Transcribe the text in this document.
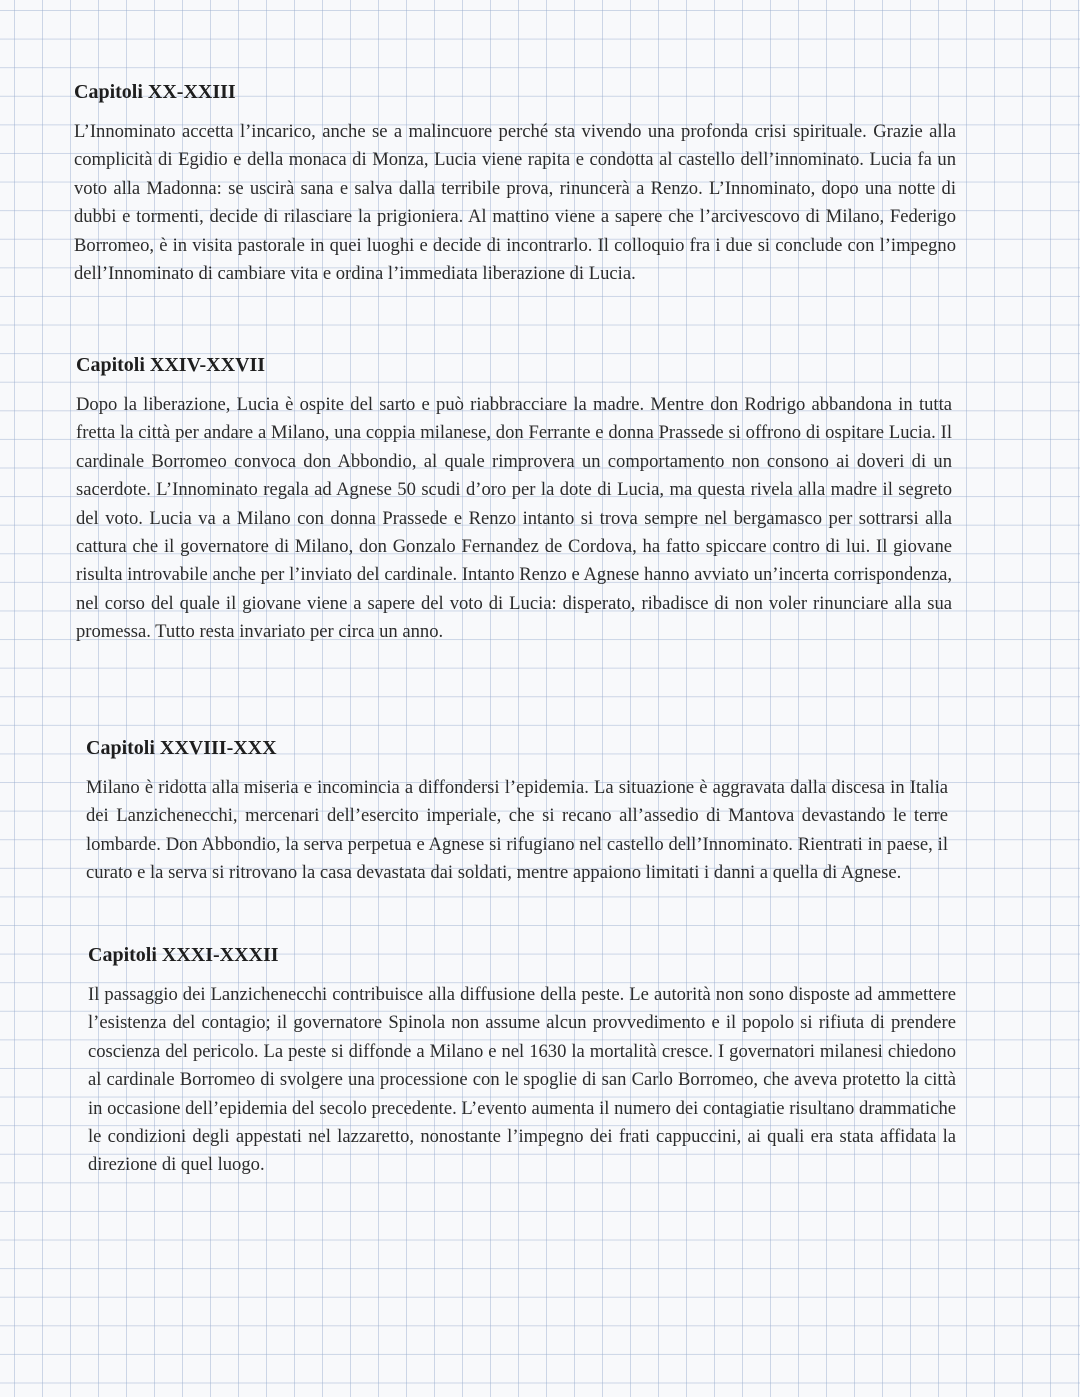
Capitoli XX-XXIII

L’Innominato accetta l’incarico, anche se a malincuore perché sta vivendo una profonda crisi spirituale. Grazie alla complicità di Egidio e della monaca di Monza, Lucia viene rapita e condotta al castello dell’innominato. Lucia fa un voto alla Madonna: se uscirà sana e salva dalla terribile prova, rinuncerà a Renzo. L’Innominato, dopo una notte di dubbi e tormenti, decide di rilasciare la prigioniera. Al mattino viene a sapere che l’arcivescovo di Milano, Federigo Borromeo, è in visita pastorale in quei luoghi e decide di incontrarlo. Il colloquio fra i due si conclude con l’impegno dell’Innominato di cambiare vita e ordina l’immediata liberazione di Lucia.

Capitoli XXIV-XXVII

Dopo la liberazione, Lucia è ospite del sarto e può riabbracciare la madre. Mentre don Rodrigo abbandona in tutta fretta la città per andare a Milano, una coppia milanese, don Ferrante e donna Prassede si offrono di ospitare Lucia. Il cardinale Borromeo convoca don Abbondio, al quale rimprovera un comportamento non consono ai doveri di un sacerdote. L’Innominato regala ad Agnese 50 scudi d’oro per la dote di Lucia, ma questa rivela alla madre il segreto del voto. Lucia va a Milano con donna Prassede e Renzo intanto si trova sempre nel bergamasco per sottrarsi alla cattura che il governatore di Milano, don Gonzalo Fernandez de Cordova, ha fatto spiccare contro di lui. Il giovane risulta introvabile anche per l’inviato del cardinale. Intanto Renzo e Agnese hanno avviato un’incerta corrispondenza, nel corso del quale il giovane viene a sapere del voto di Lucia: disperato, ribadisce di non voler rinunciare alla sua promessa. Tutto resta invariato per circa un anno.

Capitoli XXVIII-XXX

Milano è ridotta alla miseria e incomincia a diffondersi l’epidemia. La situazione è aggravata dalla discesa in Italia dei Lanzichenecchi, mercenari dell’esercito imperiale, che si recano all’assedio di Mantova devastando le terre lombarde. Don Abbondio, la serva perpetua e Agnese si rifugiano nel castello dell’Innominato. Rientrati in paese, il curato e la serva si ritrovano la casa devastata dai soldati, mentre appaiono limitati i danni a quella di Agnese.

Capitoli XXXI-XXXII

Il passaggio dei Lanzichenecchi contribuisce alla diffusione della peste. Le autorità non sono disposte ad ammettere l’esistenza del contagio; il governatore Spinola non assume alcun provvedimento e il popolo si rifiuta di prendere coscienza del pericolo. La peste si diffonde a Milano e nel 1630 la mortalità cresce. I governatori milanesi chiedono al cardinale Borromeo di svolgere una processione con le spoglie di san Carlo Borromeo, che aveva protetto la città in occasione dell’epidemia del secolo precedente. L’evento aumenta il numero dei contagiatie risultano drammatiche le condizioni degli appestati nel lazzaretto, nonostante l’impegno dei frati cappuccini, ai quali era stata affidata la direzione di quel luogo.
